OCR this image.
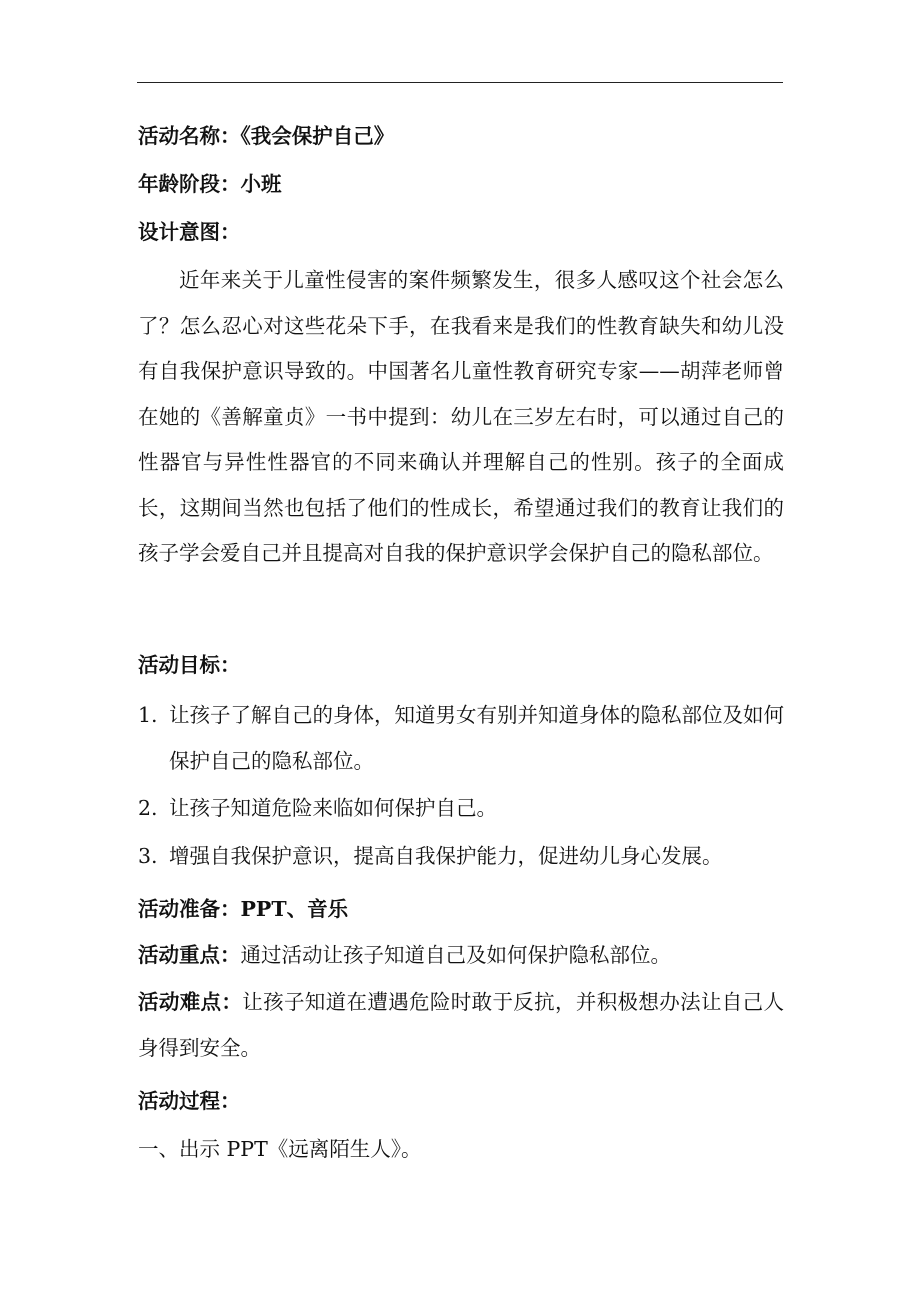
活动名称：《我会保护自己》
年龄阶段：小班
设计意图：
近年来关于儿童性侵害的案件频繁发生，很多人感叹这个社会怎么了？怎么忍心对这些花朵下手，在我看来是我们的性教育缺失和幼儿没有自我保护意识导致的。中国著名儿童性教育研究专家——胡萍老师曾在她的《善解童贞》一书中提到：幼儿在三岁左右时，可以通过自己的性器官与异性性器官的不同来确认并理解自己的性别。孩子的全面成长，这期间当然也包括了他们的性成长，希望通过我们的教育让我们的孩子学会爱自己并且提高对自我的保护意识学会保护自己的隐私部位。
活动目标：
1. 让孩子了解自己的身体，知道男女有别并知道身体的隐私部位及如何保护自己的隐私部位。
2. 让孩子知道危险来临如何保护自己。
3. 增强自我保护意识，提高自我保护能力，促进幼儿身心发展。
活动准备：PPT、音乐
活动重点：通过活动让孩子知道自己及如何保护隐私部位。
活动难点：让孩子知道在遭遇危险时敢于反抗，并积极想办法让自己人身得到安全。
活动过程：
一、出示 PPT《远离陌生人》。
